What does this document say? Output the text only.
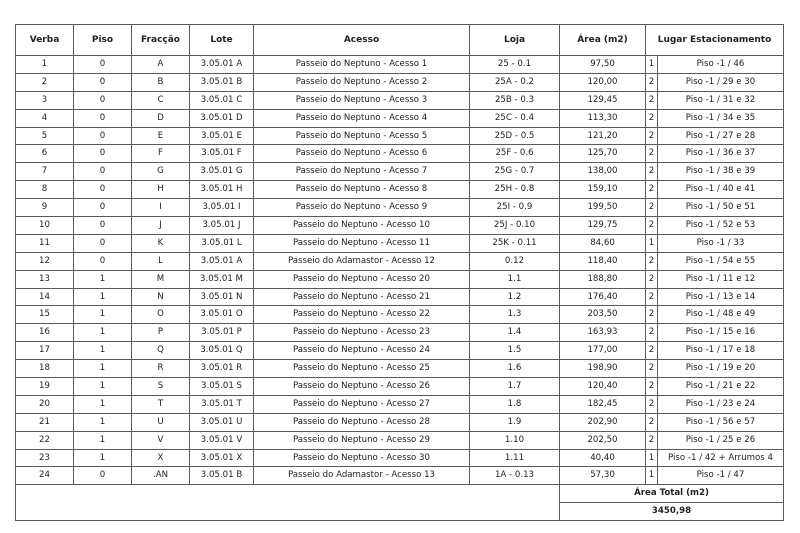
Verba	Piso	Fracção	Lote	Acesso	Loja	Área (m2)	Lugar Estacionamento	
1	0	A	3.05.01 A	Passeio do Neptuno - Acesso 1	25 - 0.1	97,50	1	Piso -1 / 46
2	0	B	3.05.01 B	Passeio do Neptuno - Acesso 2	25A - 0.2	120,00	2	Piso -1 / 29 e 30
3	0	C	3.05.01 C	Passeio do Neptuno - Acesso 3	25B - 0.3	129,45	2	Piso -1 / 31 e 32
4	0	D	3.05.01 D	Passeio do Neptuno - Acesso 4	25C - 0.4	113,30	2	Piso -1 / 34 e 35
5	0	E	3.05.01 E	Passeio do Neptuno - Acesso 5	25D - 0.5	121,20	2	Piso -1 / 27 e 28
6	0	F	3.05.01 F	Passeio do Neptuno - Acesso 6	25F - 0.6	125,70	2	Piso -1 / 36 e 37
7	0	G	3.05.01 G	Passeio do Neptuno - Acesso 7	25G - 0.7	138,00	2	Piso -1 / 38 e 39
8	0	H	3.05.01 H	Passeio do Neptuno - Acesso 8	25H - 0.8	159,10	2	Piso -1 / 40 e 41
9	0	I	3.05.01 I	Passeio do Neptuno - Acesso 9	25I - 0.9	199,50	2	Piso -1 / 50 e 51
10	0	J	3.05.01 J	Passeio do Neptuno - Acesso 10	25J - 0.10	129,75	2	Piso -1 / 52 e 53
11	0	K	3.05.01 L	Passeio do Neptuno - Acesso 11	25K - 0.11	84,60	1	Piso -1 / 33
12	0	L	3.05.01 A	Passeio do Adamastor - Acesso 12	0.12	118,40	2	Piso -1 / 54 e 55
13	1	M	3.05.01 M	Passeio do Neptuno - Acesso 20	1.1	188,80	2	Piso -1 / 11 e 12
14	1	N	3.05.01 N	Passeio do Neptuno - Acesso 21	1.2	176,40	2	Piso -1 / 13 e 14
15	1	O	3.05.01 O	Passeio do Neptuno - Acesso 22	1.3	203,50	2	Piso -1 / 48 e 49
16	1	P	3.05.01 P	Passeio do Neptuno - Acesso 23	1.4	163,93	2	Piso -1 / 15 e 16
17	1	Q	3.05.01 Q	Passeio do Neptuno - Acesso 24	1.5	177,00	2	Piso -1 / 17 e 18
18	1	R	3.05.01 R	Passeio do Neptuno - Acesso 25	1.6	198,90	2	Piso -1 / 19 e 20
19	1	S	3.05.01 S	Passeio do Neptuno - Acesso 26	1.7	120,40	2	Piso -1 / 21 e 22
20	1	T	3.05.01 T	Passeio do Neptuno - Acesso 27	1.8	182,45	2	Piso -1 / 23 e 24
21	1	U	3.05.01 U	Passeio do Neptuno - Acesso 28	1.9	202,90	2	Piso -1 / 56 e 57
22	1	V	3.05.01 V	Passeio do Neptuno - Acesso 29	1.10	202,50	2	Piso -1 / 25 e 26
23	1	X	3.05.01 X	Passeio do Neptuno - Acesso 30	1.11	40,40	1	Piso -1 / 42 + Arrumos 4
24	0	.AN	3.05.01 B	Passeio do Adamastor - Acesso 13	1A - 0.13	57,30	1	Piso -1 / 47
						Área Total (m2)		
						3450,98		
